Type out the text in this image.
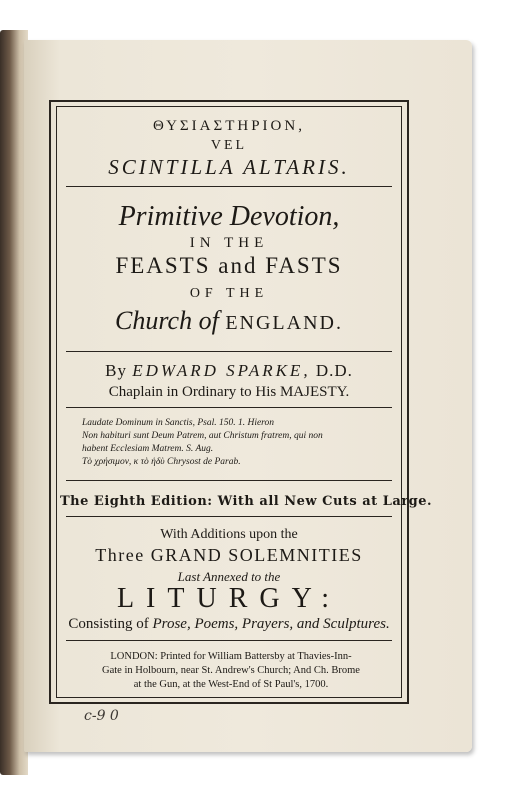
ΘΥΣΙΑΣΤΗΡΙΟΝ,
VEL
SCINTILLA ALTARIS.
Primitive Devotion,
IN THE
FEASTS and FASTS
OF THE
Church of ENGLAND.
By EDWARD SPARKE, D.D.
Chaplain in Ordinary to His MAJESTY.
Laudate Dominum in Sanctis, Psal. 150. 1. Hieron
Non habituri sunt Deum Patrem, aut Christum fratrem, qui non
habent Ecclesiam Matrem. S. Aug.
Τὸ χρήσιμον, κ τὸ ἡδὺ Chrysost de Parab.
The Eighth Edition: With all New Cuts at Large.
With Additions upon the
Three GRAND SOLEMNITIES
Last Annexed to the
LITURGY:
Consisting of Prose, Poems, Prayers, and Sculptures.
LONDON: Printed for William Battersby at Thavies-Inn-
Gate in Holbourn, near St. Andrew's Church; And Ch. Brome
at the Gun, at the West-End of St Paul's, 1700.
c-9 0
